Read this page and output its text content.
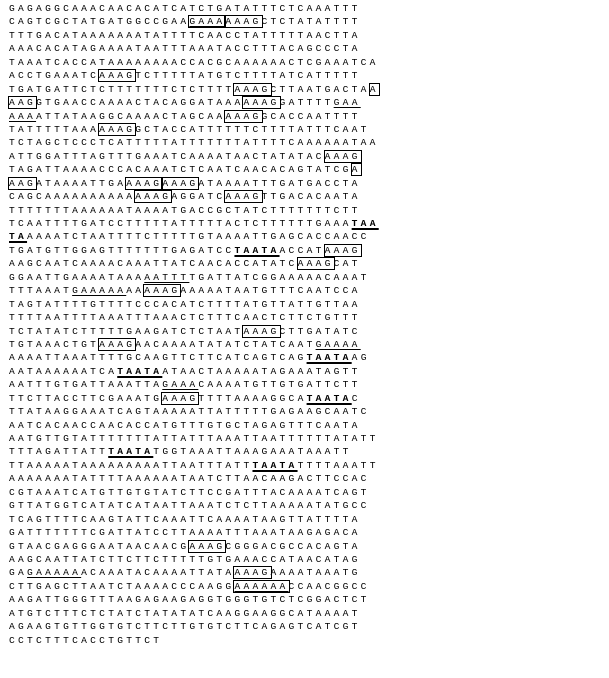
GAGAGGCAAACAACACATCATCTGATATTTCTCAAATTT
CAGTCGCTATGATGGCCGAAGAAAAAAGCTCTATATTTT
TTTGACATAAAAAAATATTTTCAACCTATTTTTAACTTA
AAACACATAGAAAATAATTTAAATACCTTTACAGCCCTA
TAAATCACCATAAAAAAAACCACGCAAAAAACTCGAAATCA
ACCTGAAATCAAAGTCTTTTTATGTCTTTTATCATTTTT
TGATGATTCTCTTTTTTTCTCTTTTAAAGCTTAATGACTAA
AAGGTGAACCAAAACTACAGGATAAAAAAGGATTTTGAA
AAAATTATAAGGCAAAACTAGCAAAAAGGCACCAATTTT
TATTTTTAAAAAAGGCTACCATTTTTTCTTTTATTTCAAT
TCTAGCTCCCTCATTTTTATTTTTTTATTTTCAAAAAATAA
ATTGGATTTAGTTTGAAATCAAAATAACTATATACAAAG
TAGATTAAAACCCACAAATCTCAATCAACACAGTATCGA
AAGATAAAATTGAAAAGAAAGATAAAATTTGATGACCTA
CAGCAAAAAAAAAAAAAGAGGATCAAAGTTGACACAATA
TTTTTTTAAAAAATAAAATGACCGCTATCTTTTTTTCTT
TCAATTTTGATCCTTTTTATTTTTACTCTTTTTTGAAATAA
TAAAAATCTAATTTTCTTTTTGTAAAATTGAGCACCAACC
TGATGTTGGAGTTTTTTTGAGATCCTAATAACCATAAAG
AAGCAATCAAAACAAATTATCAACACCATATCAAAGCAT
GGAATTGAAAATAAAAATTTTGATTATCGGAAAAACAAAT
TTTAAATGAAAAAAAAAAGAAAAATAATGTTTCAATCCA
TAGTATTTTGTTTTCCCACATCTTTTATGTTATTGTTAA
TTTTAATTTTAAATTTAAACTCTTTCAACTCTTCTGTTT
TCTATATCTTTTTGAAGATCTCTAATAAAGCTTGATATC
TGTAAACTGTAAAGAACAAAATATATCTATCAATGAAAA
AAAATTAAATTTTGCAAGTTCTTCATCAGTCAGTAATAAG
AATAAAAAATCATAATAATAACTAAAAATAGAAATAGTT
AATTTGTGATTAAATTAGAAACAAAATGTTGTGATTCTT
TTCTTACCTTCGAAATGAAAGTTTTAAAAGGCATAATAC
TTATAAGGAAATCAGTAAAAATTATTTTTGAGAAGCAATC
AATCACAACCAACACCATGTTTGTGCTAGAGTTTCAATA
AATGTTGTATTTTTTTATTATTTAAATTAATTTTTTATATT
TTTAGATTATTTAATATGGTAAATTAAAGAAATAAATT
TTAAAAATAAAAAAAAATTAATTTATTTAATATTTTAAATT
AAAAAAATATTTTAAAAAATAATCTTAACAAGACTTCCAC
CGTAAATCATGTTGTGTATCTTCCGATTTACAAAATCAGT
GTTATGGTCATATCATAATTAAATCTCTTAAAAATATGCC
TCAGTTTTCAAGTATTCAAATTCAAAATAAGTTATTTTA
GATTTTTTTCGATTATCCTTAAAATTTAAATAAGAGACA
GTAACGAGGGAATAACAACGAAAGCGGGACGCCACAGTA
AAGCAATTATCTTCTTCTTTTTGTGAAACCATAACATAG
GAGAAAAAACAAATACAAAATTATAAAAGAAAATAAATG
CTTGAGCTTAATCTAAAACCCAAGGAAAAAACCAACGGCC
AAGATTGGGTTTAAGAGAAGAGGTGGGTGTCTCGGACTCT
ATGTCTTTCTCTATCTATATATCAAGGAAGGCATAAAAT
AGAAGTGTTGGTGTCTTCTTGTGTCTTCAGAGTCATCGT
CCTCTTTCACCTGTTCT
